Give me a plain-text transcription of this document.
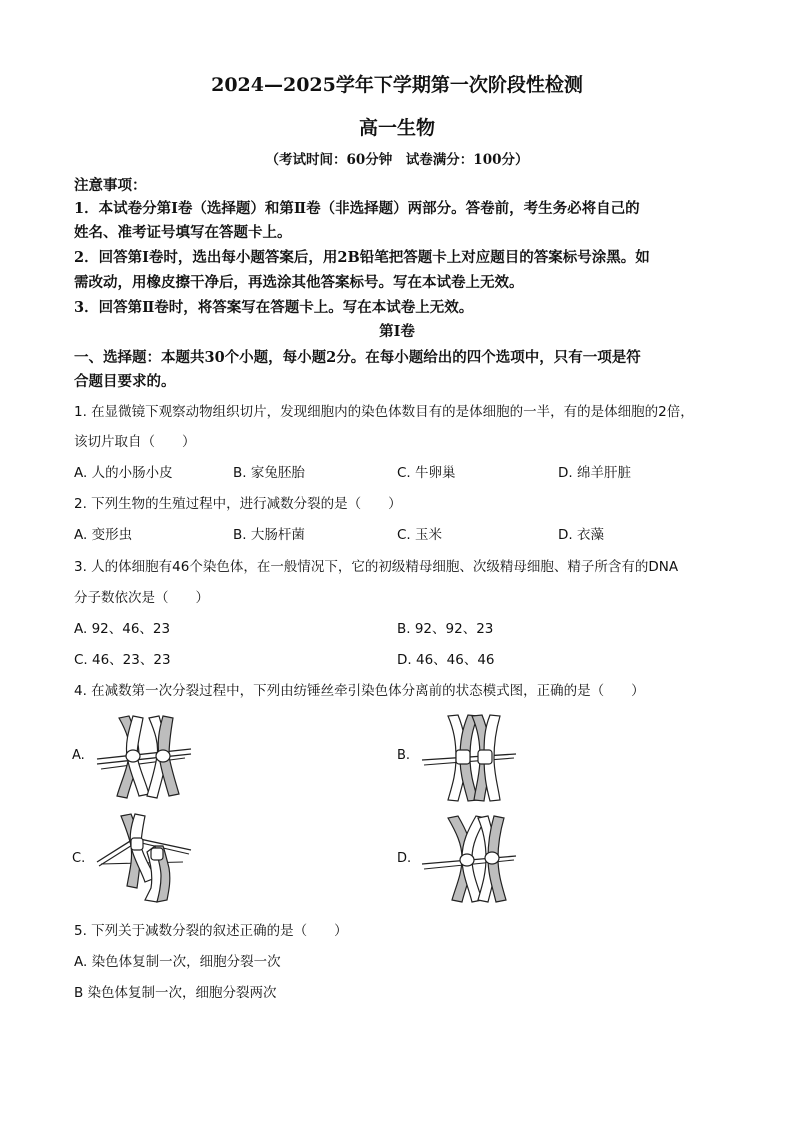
2024—2025学年下学期第一次阶段性检测
高一生物
（考试时间：60分钟　试卷满分：100分）
注意事项：
1．本试卷分第Ⅰ卷（选择题）和第Ⅱ卷（非选择题）两部分。答卷前，考生务必将自己的
姓名、准考证号填写在答题卡上。
2．回答第Ⅰ卷时，选出每小题答案后，用2B铅笔把答题卡上对应题目的答案标号涂黑。如
需改动，用橡皮擦干净后，再选涂其他答案标号。写在本试卷上无效。
3．回答第Ⅱ卷时，将答案写在答题卡上。写在本试卷上无效。
第Ⅰ卷
一、选择题：本题共30个小题，每小题2分。在每小题给出的四个选项中，只有一项是符
合题目要求的。
1. 在显微镜下观察动物组织切片，发现细胞内的染色体数目有的是体细胞的一半，有的是体细胞的2倍，
该切片取自（　　）
A. 人的小肠小皮	B. 家兔胚胎	C. 牛卵巢	D. 绵羊肝脏
2. 下列生物的生殖过程中，进行减数分裂的是（　　）
A. 变形虫	B. 大肠杆菌	C. 玉米	D. 衣藻
3. 人的体细胞有46个染色体，在一般情况下，它的初级精母细胞、次级精母细胞、精子所含有的DNA
分子数依次是（　　）
A. 92、46、23	B. 92、92、23
C. 46、23、23	D. 46、46、46
4. 在减数第一次分裂过程中，下列由纺锤丝牵引染色体分离前的状态模式图，正确的是（　　）
A.	B.
C.	D.
5. 下列关于减数分裂的叙述正确的是（　　）
A. 染色体复制一次，细胞分裂一次
B 染色体复制一次，细胞分裂两次
